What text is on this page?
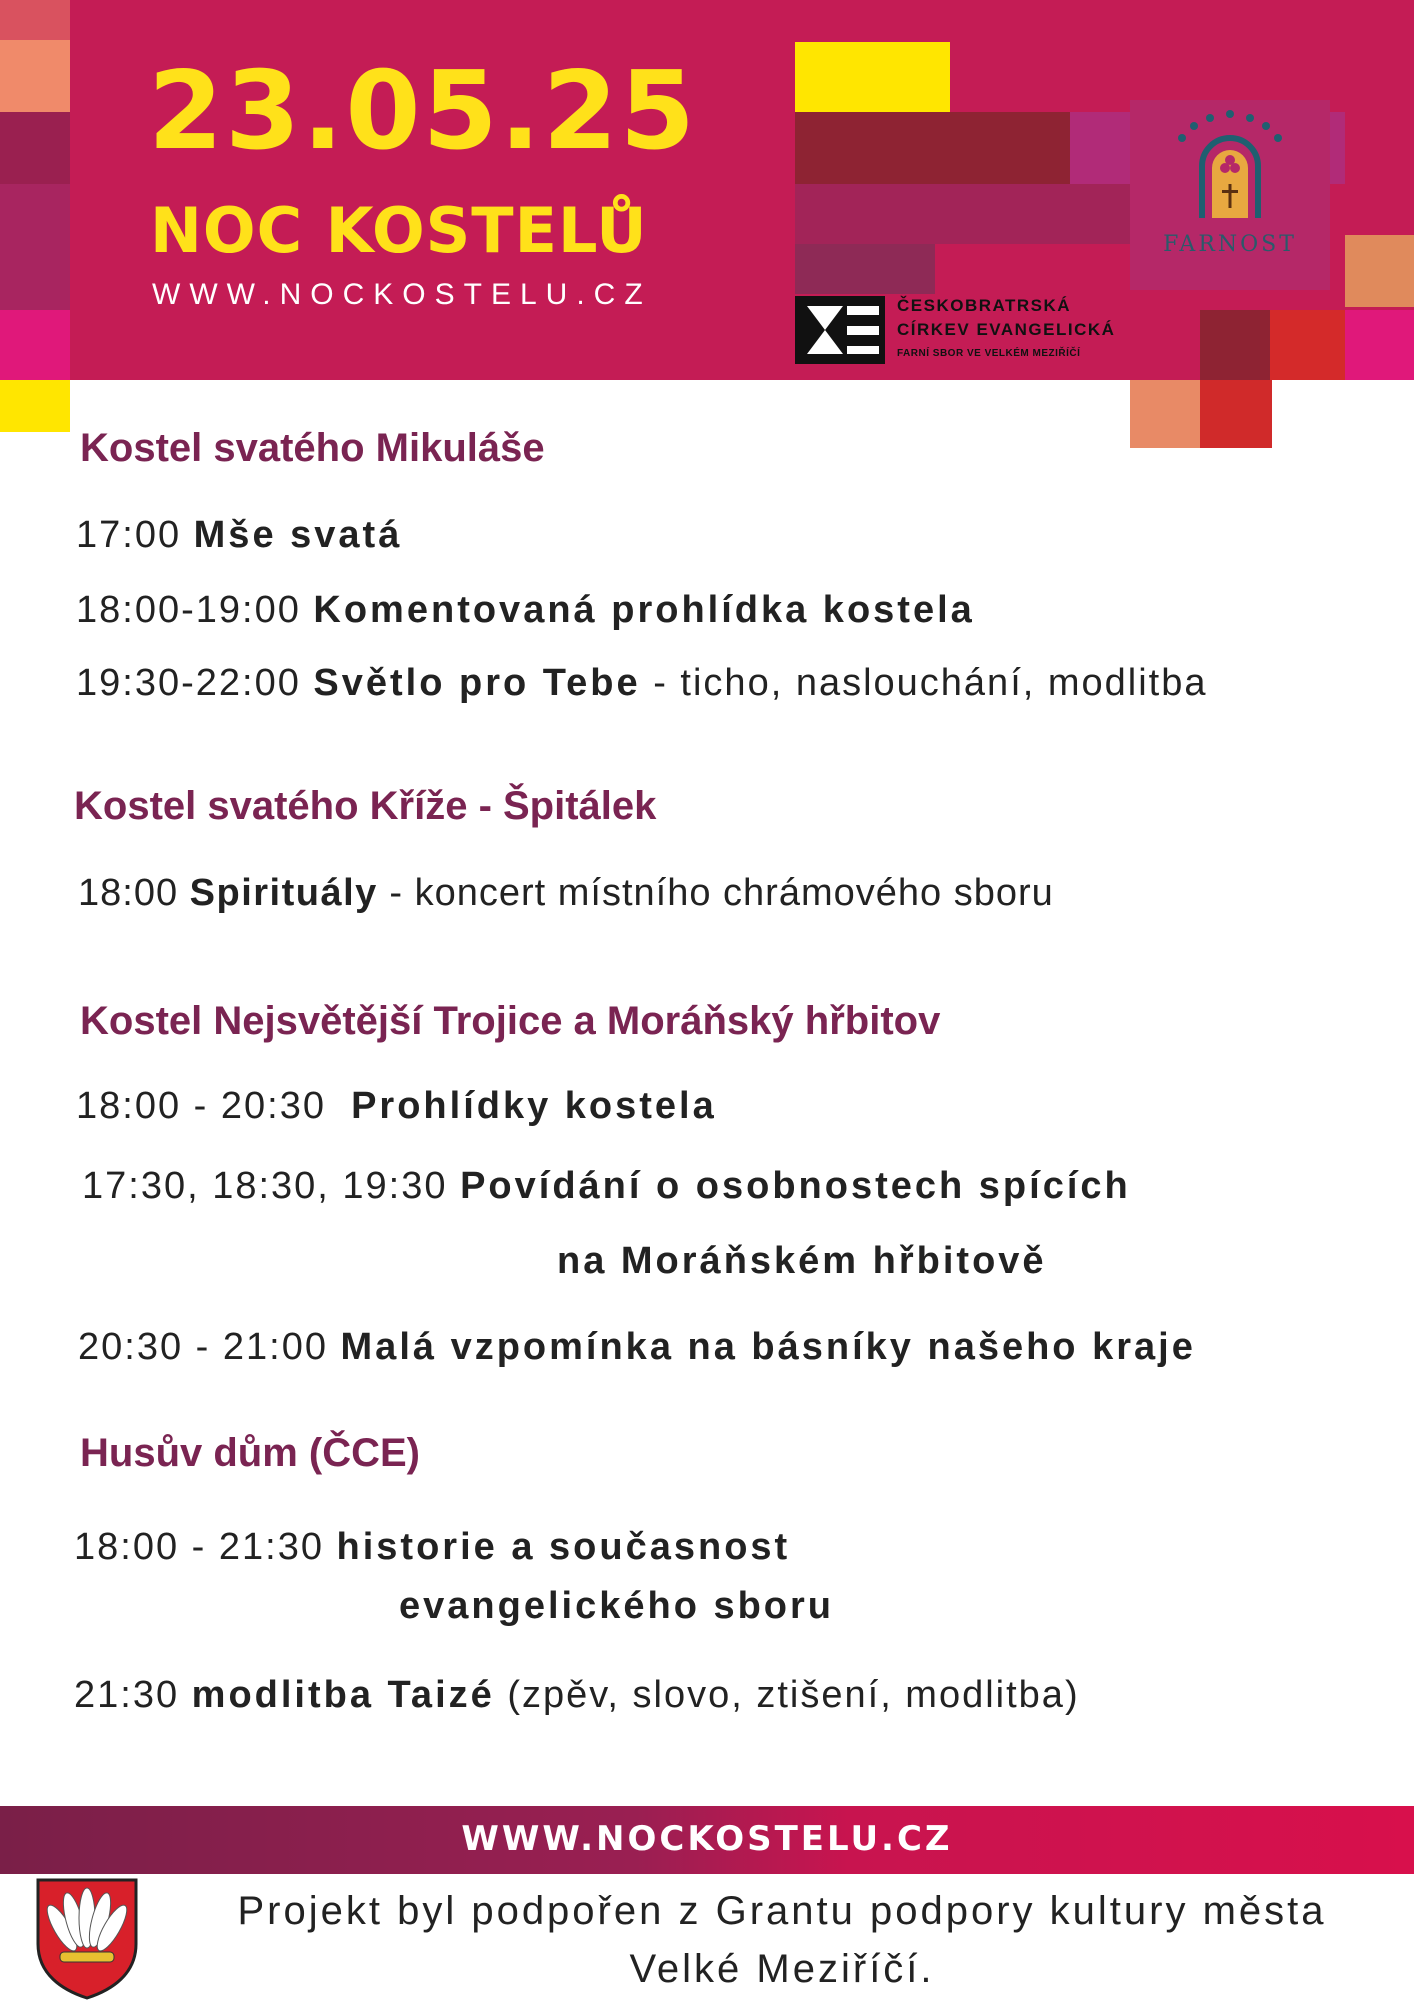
23.05.25
NOC KOSTELŮ
WWW.NOCKOSTELU.CZ	ČESKOBRATRSKÁ
CÍRKEV EVANGELICKÁ
FARNÍ SBOR VE VELKÉM MEZIŘÍČÍ
FARNOST
Kostel svatého Mikuláše
17:00 Mše svatá
18:00-19:00 Komentovaná prohlídka kostela
19:30-22:00 Světlo pro Tebe - ticho, naslouchání, modlitba
Kostel svatého Kříže - Špitálek
18:00 Spirituály - koncert místního chrámového sboru
Kostel Nejsvětější Trojice a Moráňský hřbitov
18:00 - 20:30  Prohlídky kostela
17:30, 18:30, 19:30 Povídání o osobnostech spících
na Moráňském hřbitově
20:30 - 21:00 Malá vzpomínka na básníky našeho kraje
Husův dům (ČCE)
18:00 - 21:30 historie a současnost
evangelického sboru
21:30 modlitba Taizé (zpěv, slovo, ztišení, modlitba)
WWW.NOCKOSTELU.CZ
Projekt byl podpořen z Grantu podpory kultury města
Velké Meziříčí.
